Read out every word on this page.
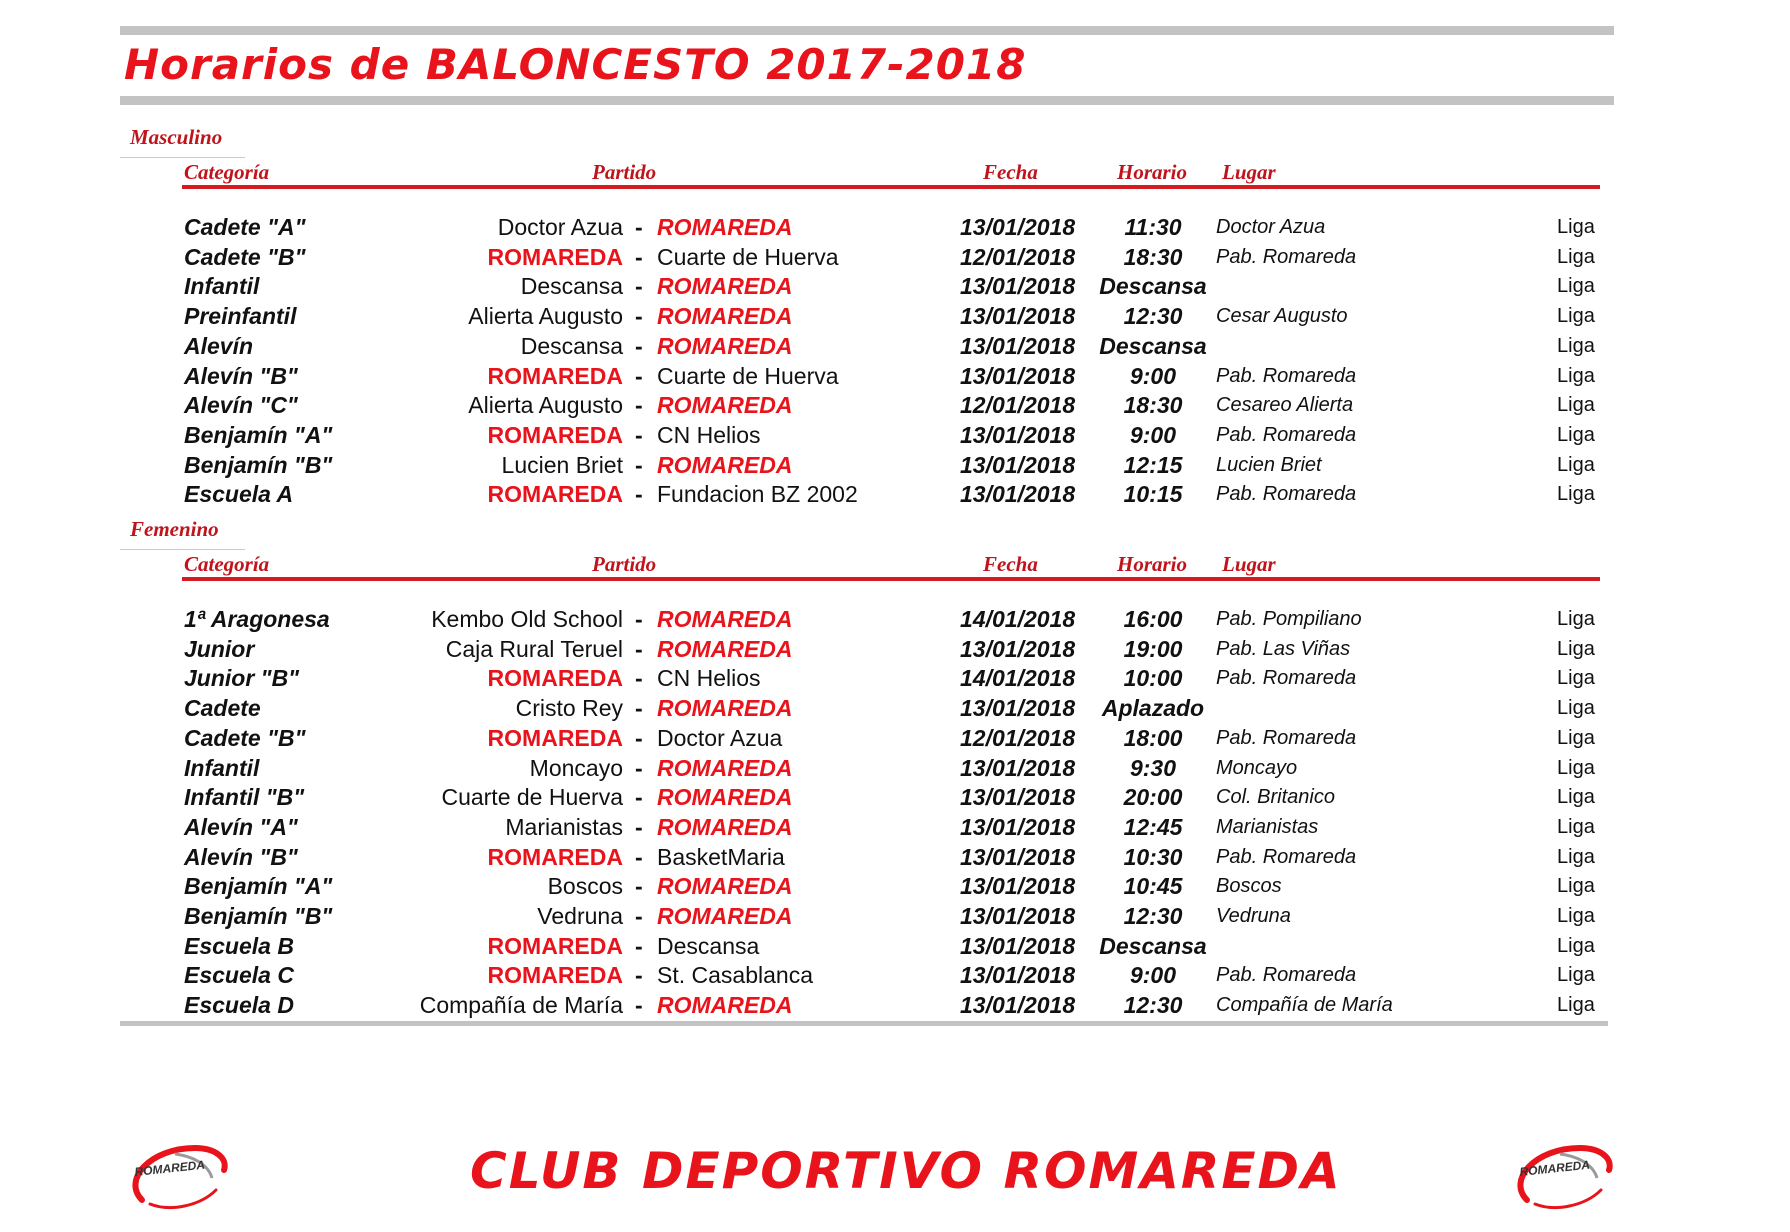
Horarios de BALONCESTO 2017-2018
Masculino
Categoría	Partido	Fecha	Horario Lugar
Cadete "A"	Doctor Azua - ROMAREDA	13/01/2018	11:30	Doctor Azua	Liga
Cadete "B"	ROMAREDA - Cuarte de Huerva	12/01/2018	18:30	Pab. Romareda	Liga
Infantil	Descansa - ROMAREDA	13/01/2018 Descansa	Liga
Preinfantil	Alierta Augusto - ROMAREDA	13/01/2018	12:30	Cesar Augusto	Liga
Alevín	Descansa - ROMAREDA	13/01/2018 Descansa	Liga
Alevín "B"	ROMAREDA - Cuarte de Huerva	13/01/2018	9:00	Pab. Romareda	Liga
Alevín "C"	Alierta Augusto - ROMAREDA	12/01/2018	18:30	Cesareo Alierta	Liga
Benjamín "A"	ROMAREDA - CN Helios	13/01/2018	9:00	Pab. Romareda	Liga
Benjamín "B"	Lucien Briet - ROMAREDA	13/01/2018	12:15	Lucien Briet	Liga
Escuela A	ROMAREDA - Fundacion BZ 2002	13/01/2018	10:15	Pab. Romareda	Liga
Femenino
Categoría	Partido	Fecha	Horario Lugar
1ª Aragonesa	Kembo Old School - ROMAREDA	14/01/2018	16:00	Pab. Pompiliano	Liga
Junior	Caja Rural Teruel - ROMAREDA	13/01/2018	19:00	Pab. Las Viñas	Liga
Junior "B"	ROMAREDA - CN Helios	14/01/2018	10:00	Pab. Romareda	Liga
Cadete	Cristo Rey - ROMAREDA	13/01/2018 Aplazado	Liga
Cadete "B"	ROMAREDA - Doctor Azua	12/01/2018	18:00	Pab. Romareda	Liga
Infantil	Moncayo - ROMAREDA	13/01/2018	9:30	Moncayo	Liga
Infantil "B"	Cuarte de Huerva - ROMAREDA	13/01/2018	20:00	Col. Britanico	Liga
Alevín "A"	Marianistas - ROMAREDA	13/01/2018	12:45	Marianistas	Liga
Alevín "B"	ROMAREDA - BasketMaria	13/01/2018	10:30	Pab. Romareda	Liga
Benjamín "A"	Boscos - ROMAREDA	13/01/2018	10:45	Boscos	Liga
Benjamín "B"	Vedruna - ROMAREDA	13/01/2018	12:30	Vedruna	Liga
Escuela B	ROMAREDA - Descansa	13/01/2018 Descansa	Liga
Escuela C	ROMAREDA - St. Casablanca	13/01/2018	9:00	Pab. Romareda	Liga
Escuela D	Compañía de María - ROMAREDA	13/01/2018	12:30	Compañía de María	Liga
ROMAREDA	CLUB DEPORTIVO ROMAREDA	ROMAREDA
